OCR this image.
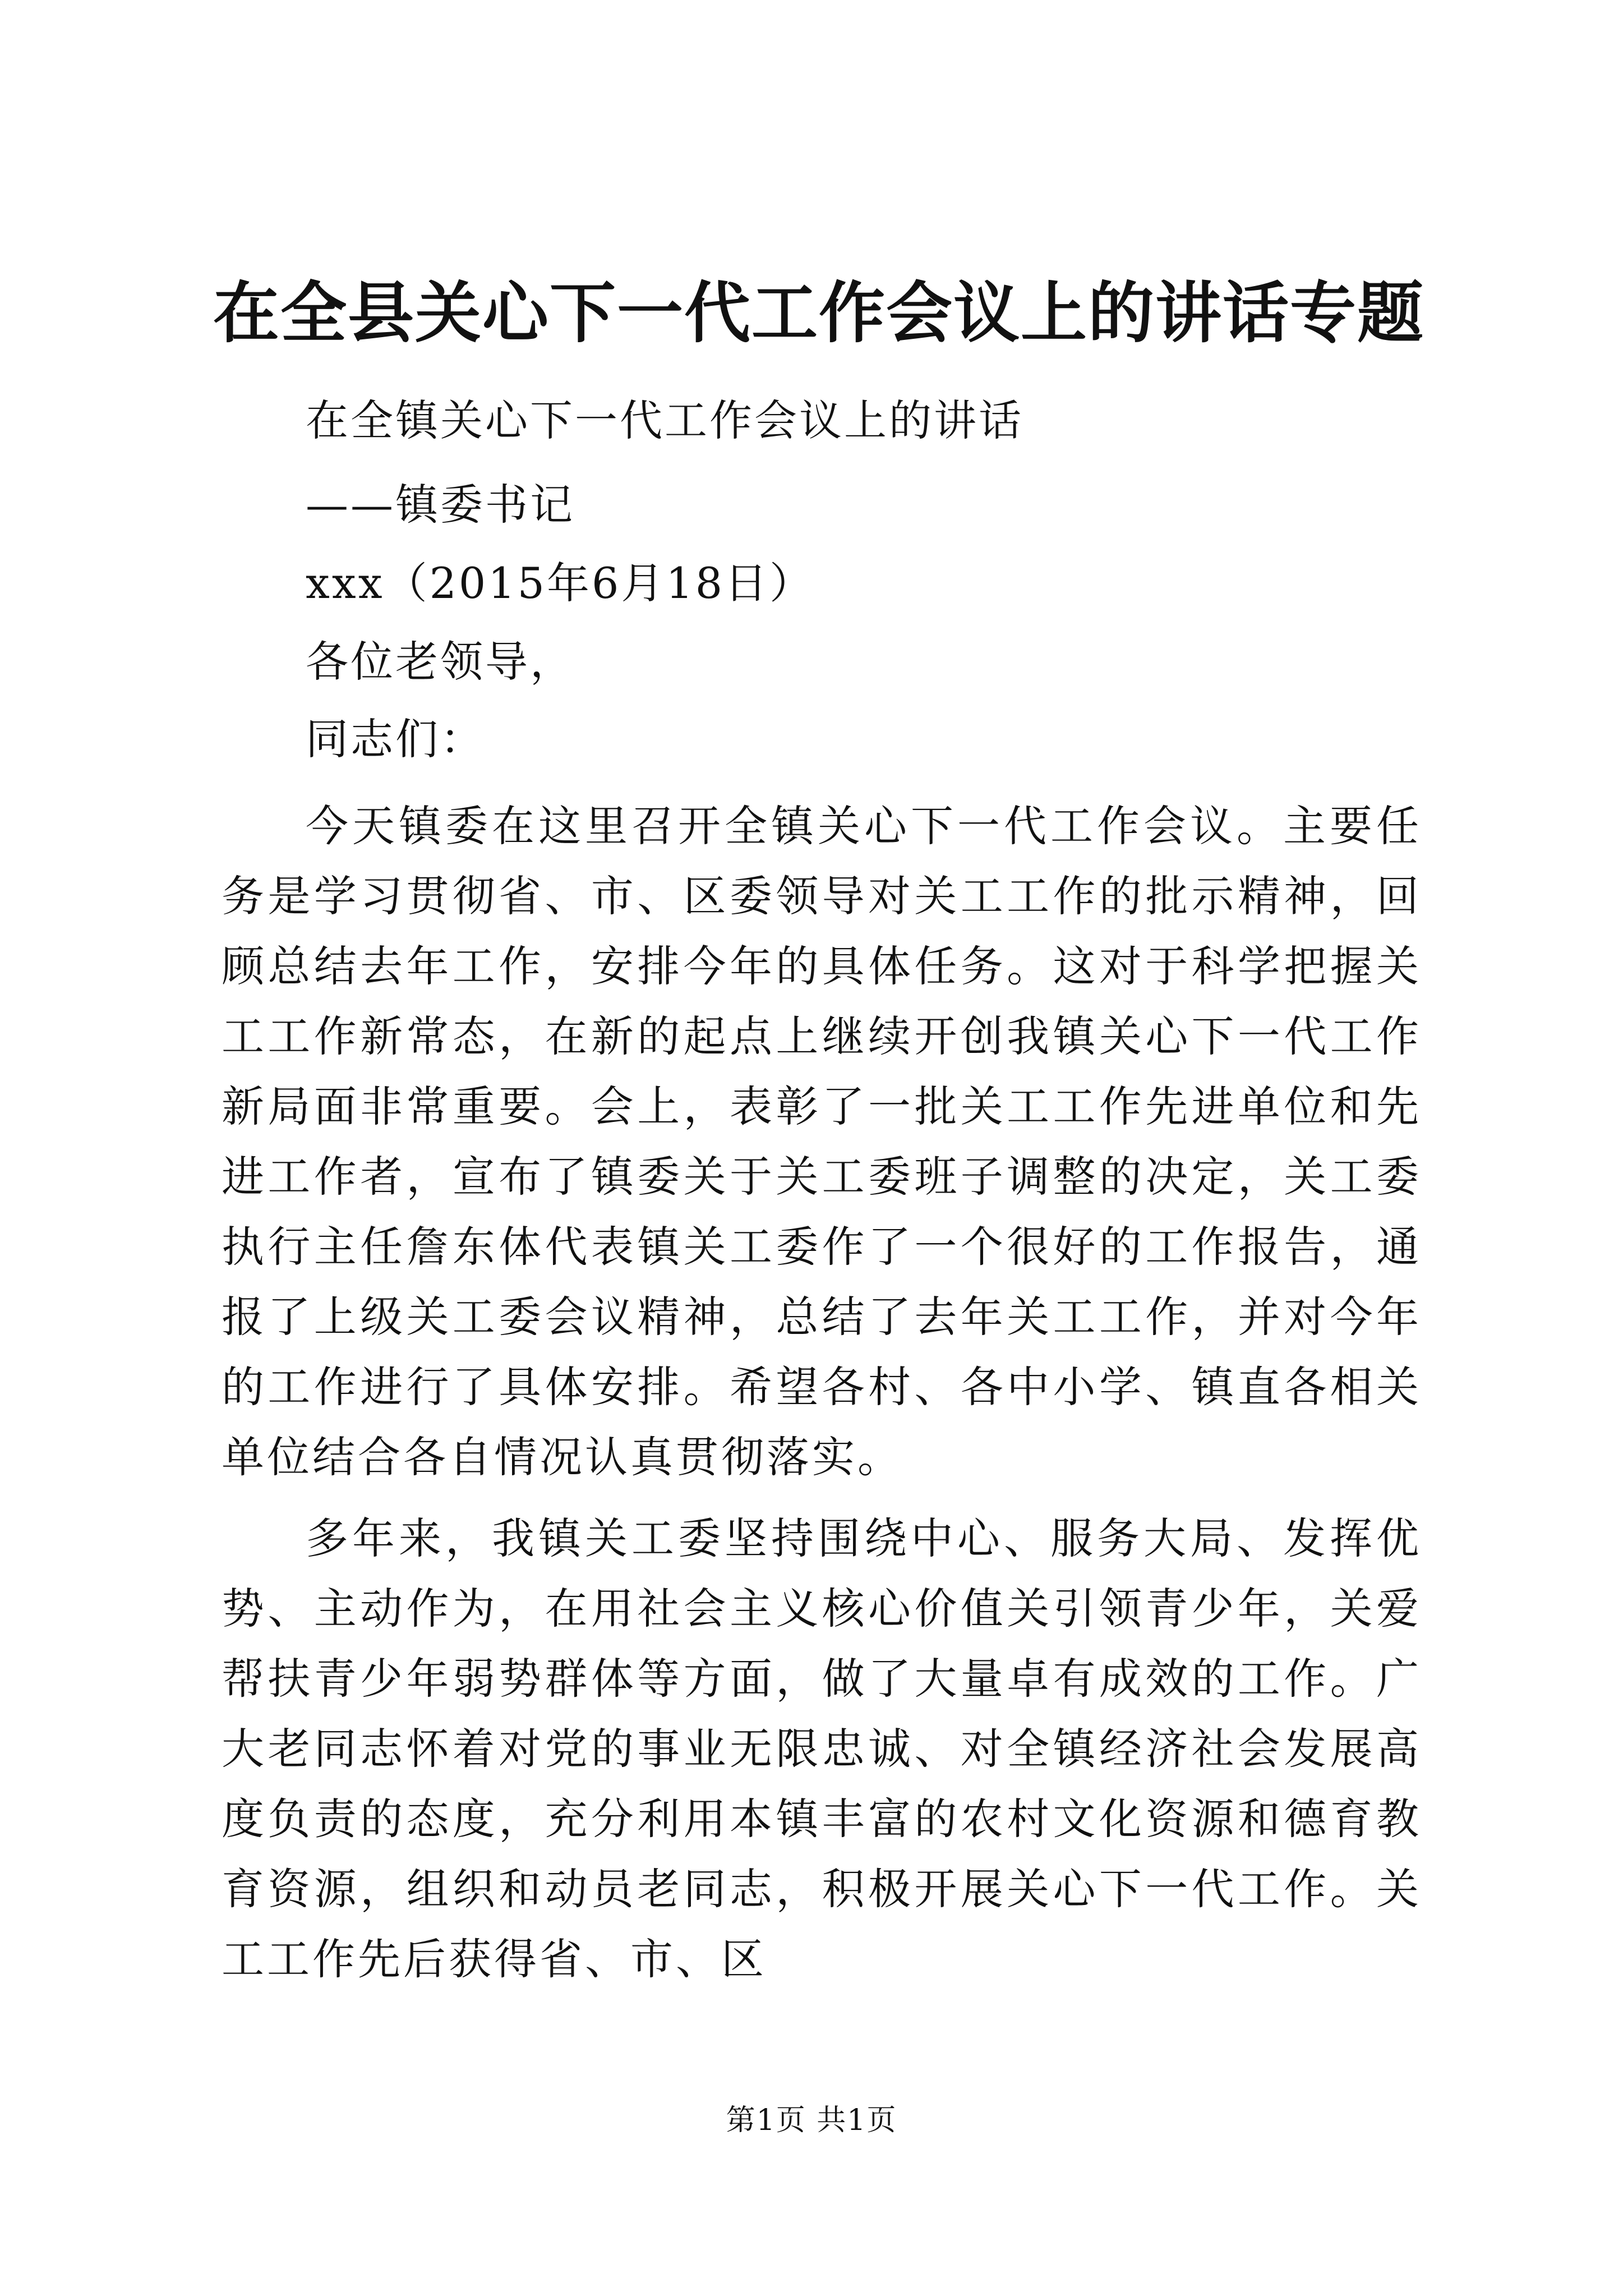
在全县关心下一代工作会议上的讲话专题
在全镇关心下一代工作会议上的讲话
——镇委书记
xxx（2015年6月18日）
各位老领导，
同志们：

今天镇委在这里召开全镇关心下一代工作会议。主要任务是学习贯彻省、市、区委领导对关工工作的批示精神，回顾总结去年工作，安排今年的具体任务。这对于科学把握关工工作新常态，在新的起点上继续开创我镇关心下一代工作新局面非常重要。会上，表彰了一批关工工作先进单位和先进工作者，宣布了镇委关于关工委班子调整的决定，关工委执行主任詹东体代表镇关工委作了一个很好的工作报告，通报了上级关工委会议精神，总结了去年关工工作，并对今年的工作进行了具体安排。希望各村、各中小学、镇直各相关单位结合各自情况认真贯彻落实。

多年来，我镇关工委坚持围绕中心、服务大局、发挥优势、主动作为，在用社会主义核心价值关引领青少年，关爱帮扶青少年弱势群体等方面，做了大量卓有成效的工作。广大老同志怀着对党的事业无限忠诚、对全镇经济社会发展高度负责的态度，充分利用本镇丰富的农村文化资源和德育教育资源，组织和动员老同志，积极开展关心下一代工作。关工工作先后获得省、市、区

第1页 共1页
